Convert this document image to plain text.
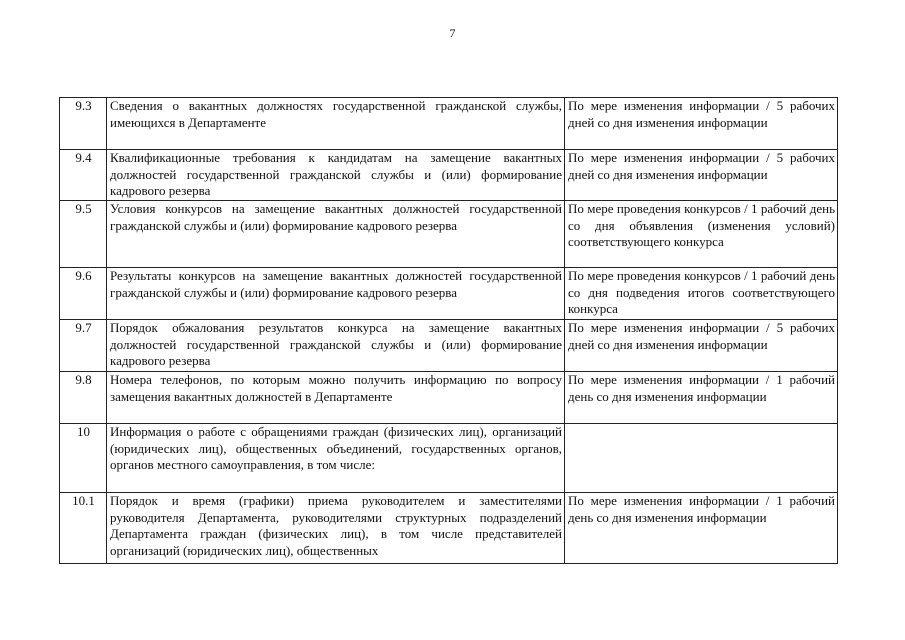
7
9.3	Сведения о вакантных должностях государственной гражданской службы, имеющихся в Департаменте	По мере изменения информации / 5 рабочих дней со дня изменения информации
9.4	Квалификационные требования к кандидатам на замещение вакантных должностей государственной гражданской службы и (или) формирование кадрового резерва	По мере изменения информации / 5 рабочих дней со дня изменения информации
9.5	Условия конкурсов на замещение вакантных должностей государственной гражданской службы и (или) формирование кадрового резерва	По мере проведения конкурсов / 1 рабочий день со дня объявления (изменения условий) соответствующего конкурса
9.6	Результаты конкурсов на замещение вакантных должностей государственной гражданской службы и (или) формирование кадрового резерва	По мере проведения конкурсов / 1 рабочий день со дня подведения итогов соответствующего конкурса
9.7	Порядок обжалования результатов конкурса на замещение вакантных должностей государственной гражданской службы и (или) формирование кадрового резерва	По мере изменения информации / 5 рабочих дней со дня изменения информации
9.8	Номера телефонов, по которым можно получить информацию по вопросу замещения вакантных должностей в Департаменте	По мере изменения информации / 1 рабочий день со дня изменения информации
10	Информация о работе с обращениями граждан (физических лиц), организаций (юридических лиц), общественных объединений, государственных органов, органов местного самоуправления, в том числе:	
10.1	Порядок и время (графики) приема руководителем и заместителями руководителя Департамента, руководителями структурных подразделений Департамента граждан (физических лиц), в том числе представителей организаций (юридических лиц), общественных	По мере изменения информации / 1 рабочий день со дня изменения информации
